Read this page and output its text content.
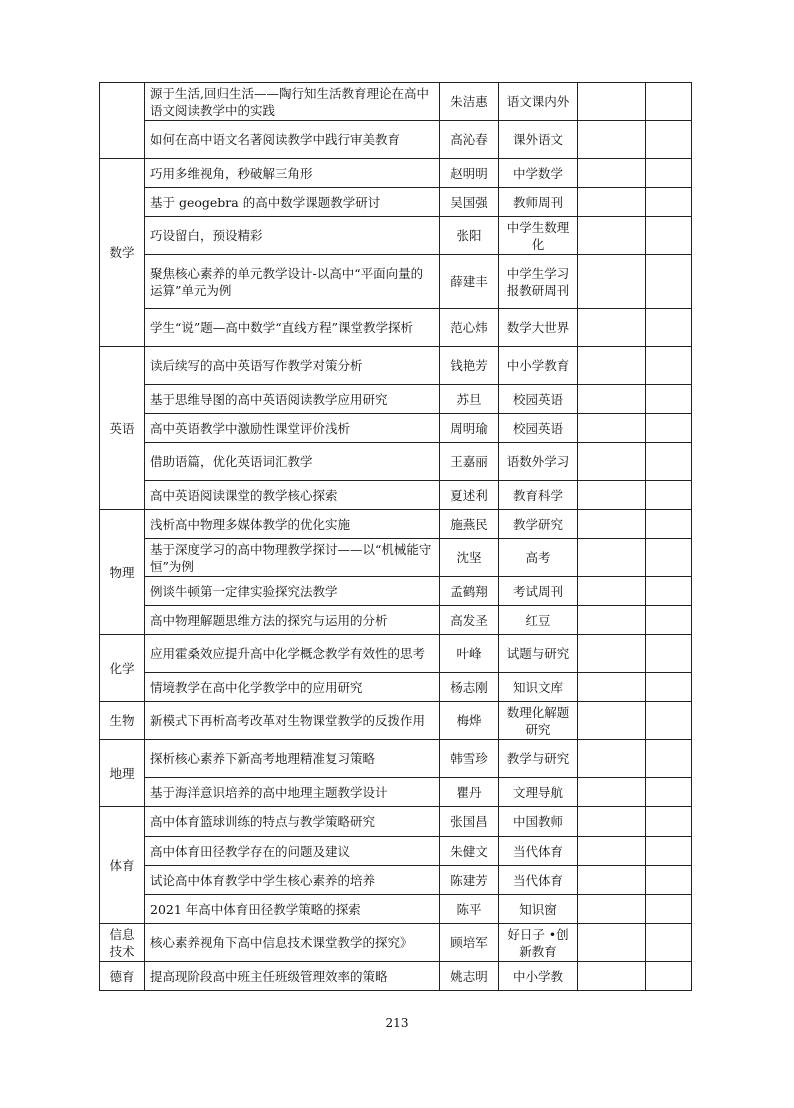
	源于生活,回归生活——陶行知生活教育理论在高中语文阅读教学中的实践	朱洁惠	语文课内外		
	如何在高中语文名著阅读教学中践行审美教育	高沁春	课外语文		
数学	巧用多维视角，秒破解三角形	赵明明	中学数学		
	基于 geogebra 的高中数学课题教学研讨	吴国强	教师周刊		
	巧设留白，预设精彩	张阳	中学生数理化		
	聚焦核心素养的单元教学设计-以高中“平面向量的运算”单元为例	薛建丰	中学生学习报教研周刊		
	学生“说”题—高中数学“直线方程”课堂教学探析	范心炜	数学大世界		
英语	读后续写的高中英语写作教学对策分析	钱艳芳	中小学教育		
	基于思维导图的高中英语阅读教学应用研究	苏旦	校园英语		
	高中英语教学中激励性课堂评价浅析	周明瑜	校园英语		
	借助语篇，优化英语词汇教学	王嘉丽	语数外学习		
	高中英语阅读课堂的教学核心探索	夏述利	教育科学		
物理	浅析高中物理多媒体教学的优化实施	施燕民	教学研究		
	基于深度学习的高中物理教学探讨——以“机械能守恒”为例	沈坚	高考		
	例谈牛顿第一定律实验探究法教学	孟鹤翔	考试周刊		
	高中物理解题思维方法的探究与运用的分析	高发圣	红豆		
化学	应用霍桑效应提升高中化学概念教学有效性的思考	叶峰	试题与研究		
	情境教学在高中化学教学中的应用研究	杨志刚	知识文库		
生物	新模式下再析高考改革对生物课堂教学的反拨作用	梅烨	数理化解题研究		
地理	探析核心素养下新高考地理精准复习策略	韩雪珍	教学与研究		
	基于海洋意识培养的高中地理主题教学设计	瞿丹	文理导航		
体育	高中体育篮球训练的特点与教学策略研究	张国昌	中国教师		
	高中体育田径教学存在的问题及建议	朱健文	当代体育		
	试论高中体育教学中学生核心素养的培养	陈建芳	当代体育		
	2021 年高中体育田径教学策略的探索	陈平	知识窗		
信息技术	核心素养视角下高中信息技术课堂教学的探究》	顾培军	好日子 •创新教育		
德育	提高现阶段高中班主任班级管理效率的策略	姚志明	中小学教		
213
